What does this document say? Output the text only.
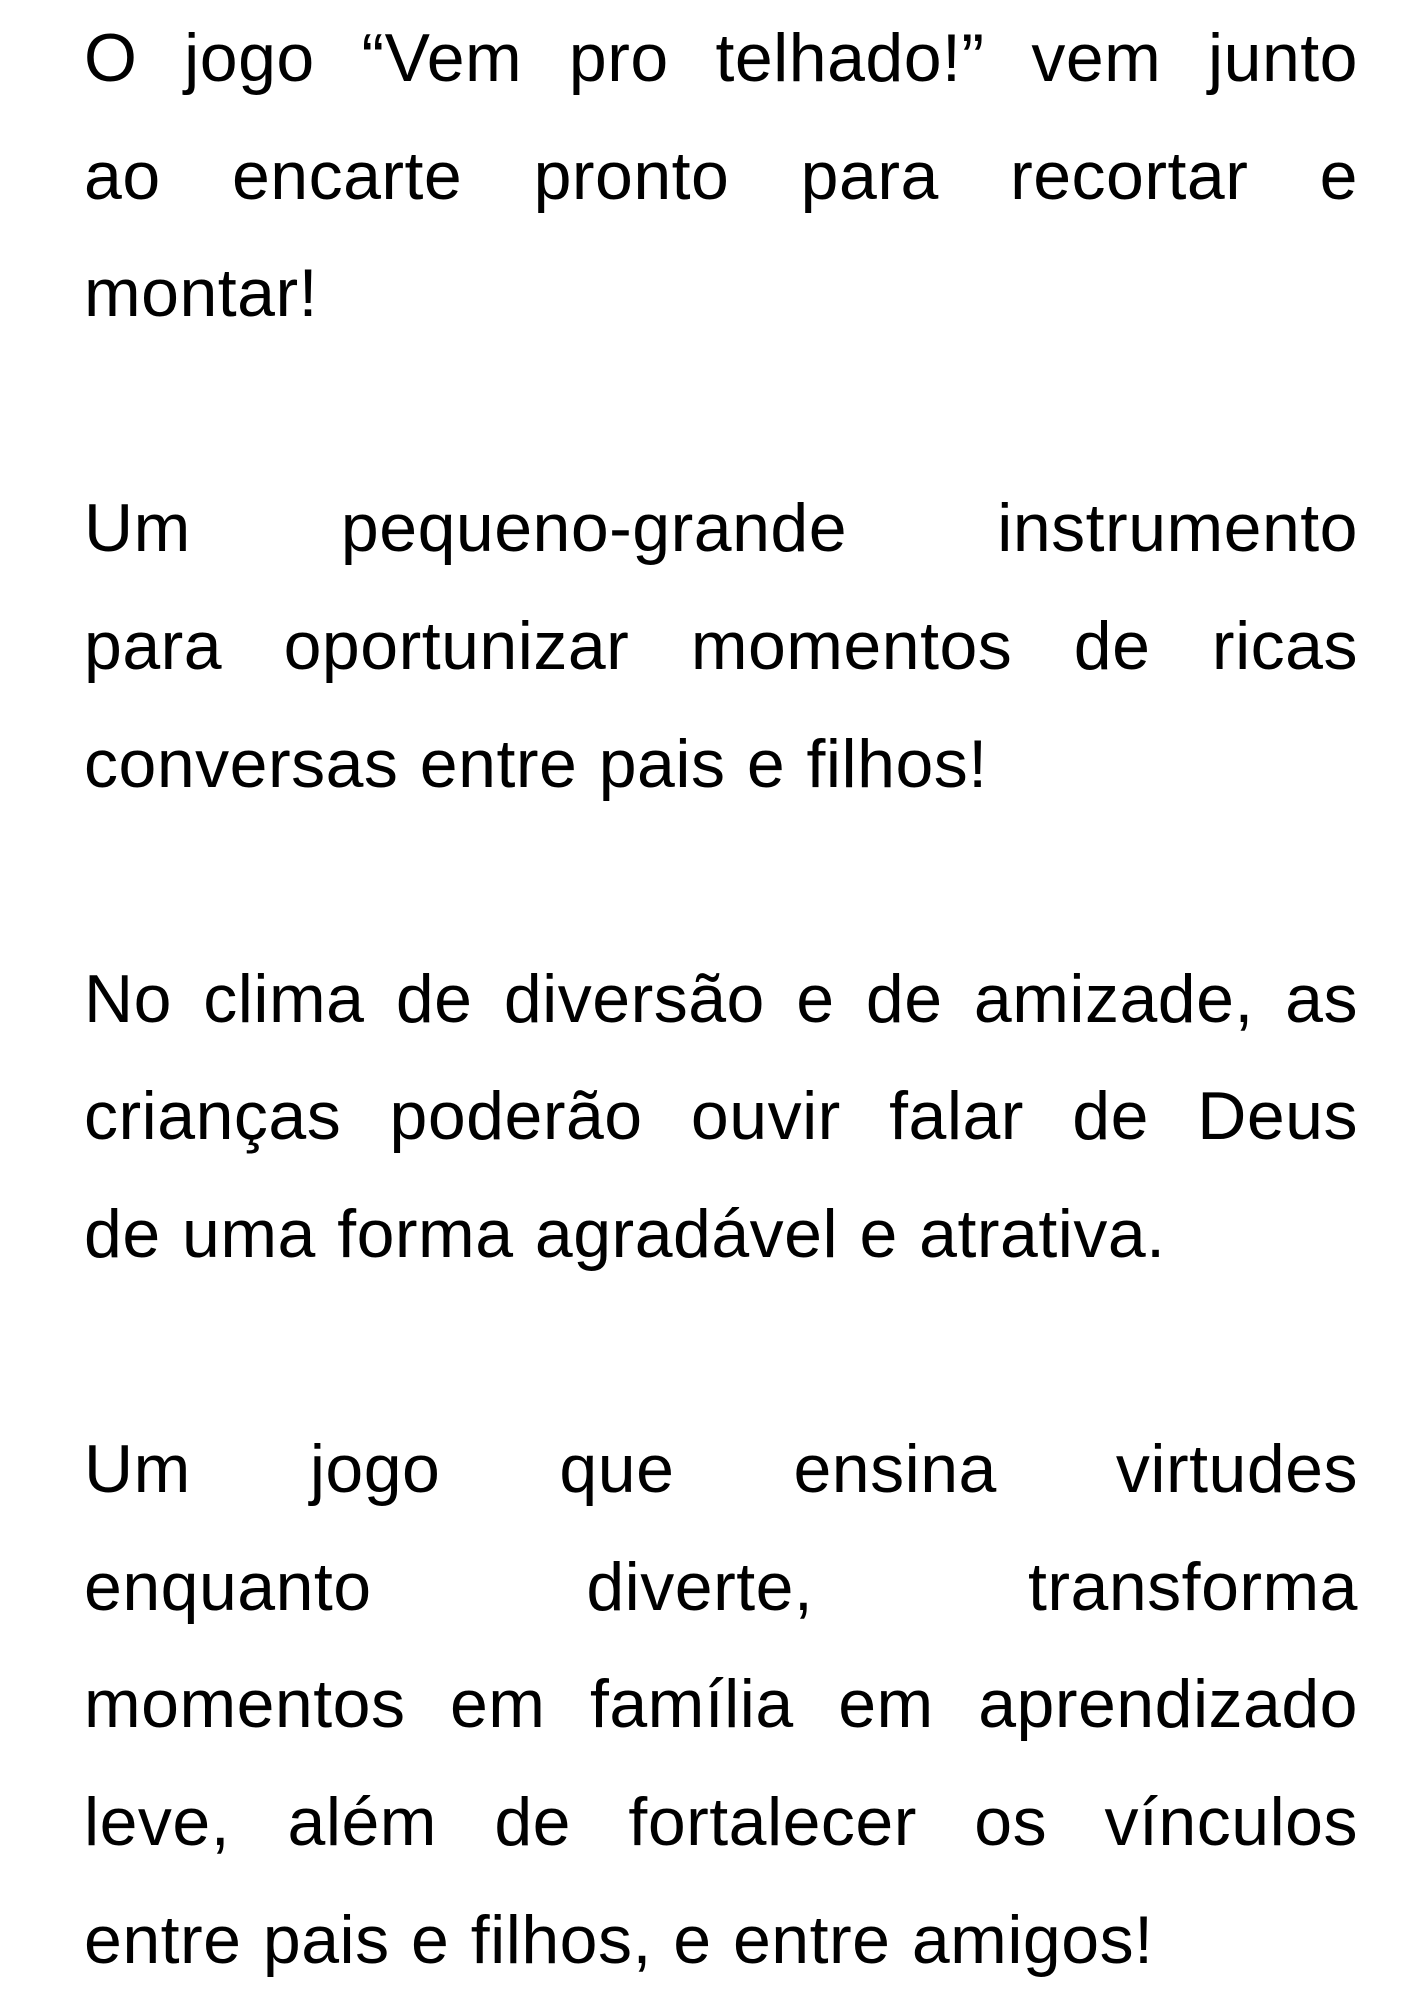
O jogo “Vem pro telhado!” vem junto
ao encarte pronto para recortar e
montar!
Um pequeno-grande instrumento
para oportunizar momentos de ricas
conversas entre pais e filhos!
No clima de diversão e de amizade, as
crianças poderão ouvir falar de Deus
de uma forma agradável e atrativa.
Um jogo que ensina virtudes
enquanto diverte, transforma
momentos em família em aprendizado
leve, além de fortalecer os vínculos
entre pais e filhos, e entre amigos!
